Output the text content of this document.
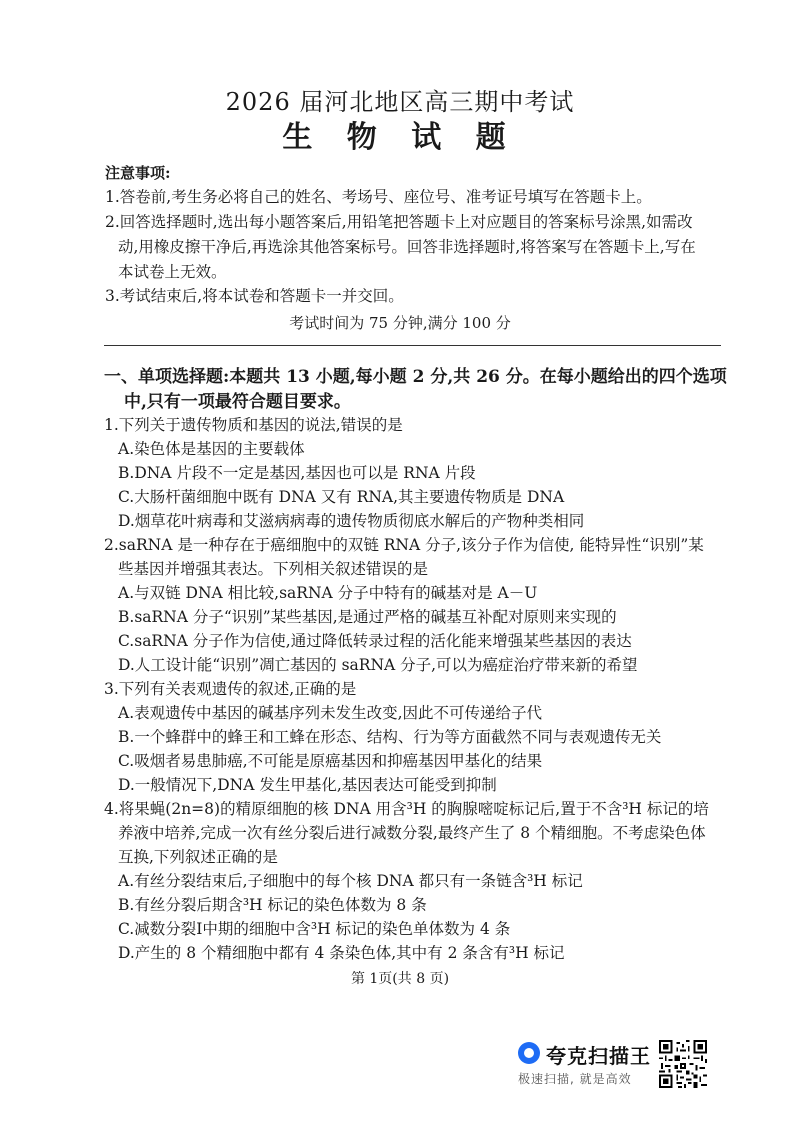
2026 届河北地区高三期中考试
生 物 试 题
注意事项:
1.答卷前,考生务必将自己的姓名、考场号、座位号、准考证号填写在答题卡上。
2.回答选择题时,选出每小题答案后,用铅笔把答题卡上对应题目的答案标号涂黑,如需改
动,用橡皮擦干净后,再选涂其他答案标号。回答非选择题时,将答案写在答题卡上,写在
本试卷上无效。
3.考试结束后,将本试卷和答题卡一并交回。
考试时间为 75 分钟,满分 100 分
一、单项选择题:本题共 13 小题,每小题 2 分,共 26 分。在每小题给出的四个选项
中,只有一项最符合题目要求。
1.下列关于遗传物质和基因的说法,错误的是
A.染色体是基因的主要载体
B.DNA 片段不一定是基因,基因也可以是 RNA 片段
C.大肠杆菌细胞中既有 DNA 又有 RNA,其主要遗传物质是 DNA
D.烟草花叶病毒和艾滋病病毒的遗传物质彻底水解后的产物种类相同
2.saRNA 是一种存在于癌细胞中的双链 RNA 分子,该分子作为信使, 能特异性“识别”某
些基因并增强其表达。下列相关叙述错误的是
A.与双链 DNA 相比较,saRNA 分子中特有的碱基对是 A－U
B.saRNA 分子“识别”某些基因,是通过严格的碱基互补配对原则来实现的
C.saRNA 分子作为信使,通过降低转录过程的活化能来增强某些基因的表达
D.人工设计能“识别”凋亡基因的 saRNA 分子,可以为癌症治疗带来新的希望
3.下列有关表观遗传的叙述,正确的是
A.表观遗传中基因的碱基序列未发生改变,因此不可传递给子代
B.一个蜂群中的蜂王和工蜂在形态、结构、行为等方面截然不同与表观遗传无关
C.吸烟者易患肺癌,不可能是原癌基因和抑癌基因甲基化的结果
D.一般情况下,DNA 发生甲基化,基因表达可能受到抑制
4.将果蝇(2n=8)的精原细胞的核 DNA 用含³H 的胸腺嘧啶标记后,置于不含³H 标记的培
养液中培养,完成一次有丝分裂后进行减数分裂,最终产生了 8 个精细胞。不考虑染色体
互换,下列叙述正确的是
A.有丝分裂结束后,子细胞中的每个核 DNA 都只有一条链含³H 标记
B.有丝分裂后期含³H 标记的染色体数为 8 条
C.减数分裂Ⅰ中期的细胞中含³H 标记的染色单体数为 4 条
D.产生的 8 个精细胞中都有 4 条染色体,其中有 2 条含有³H 标记
第 1页(共 8 页)
夸克扫描王
极速扫描, 就是高效
